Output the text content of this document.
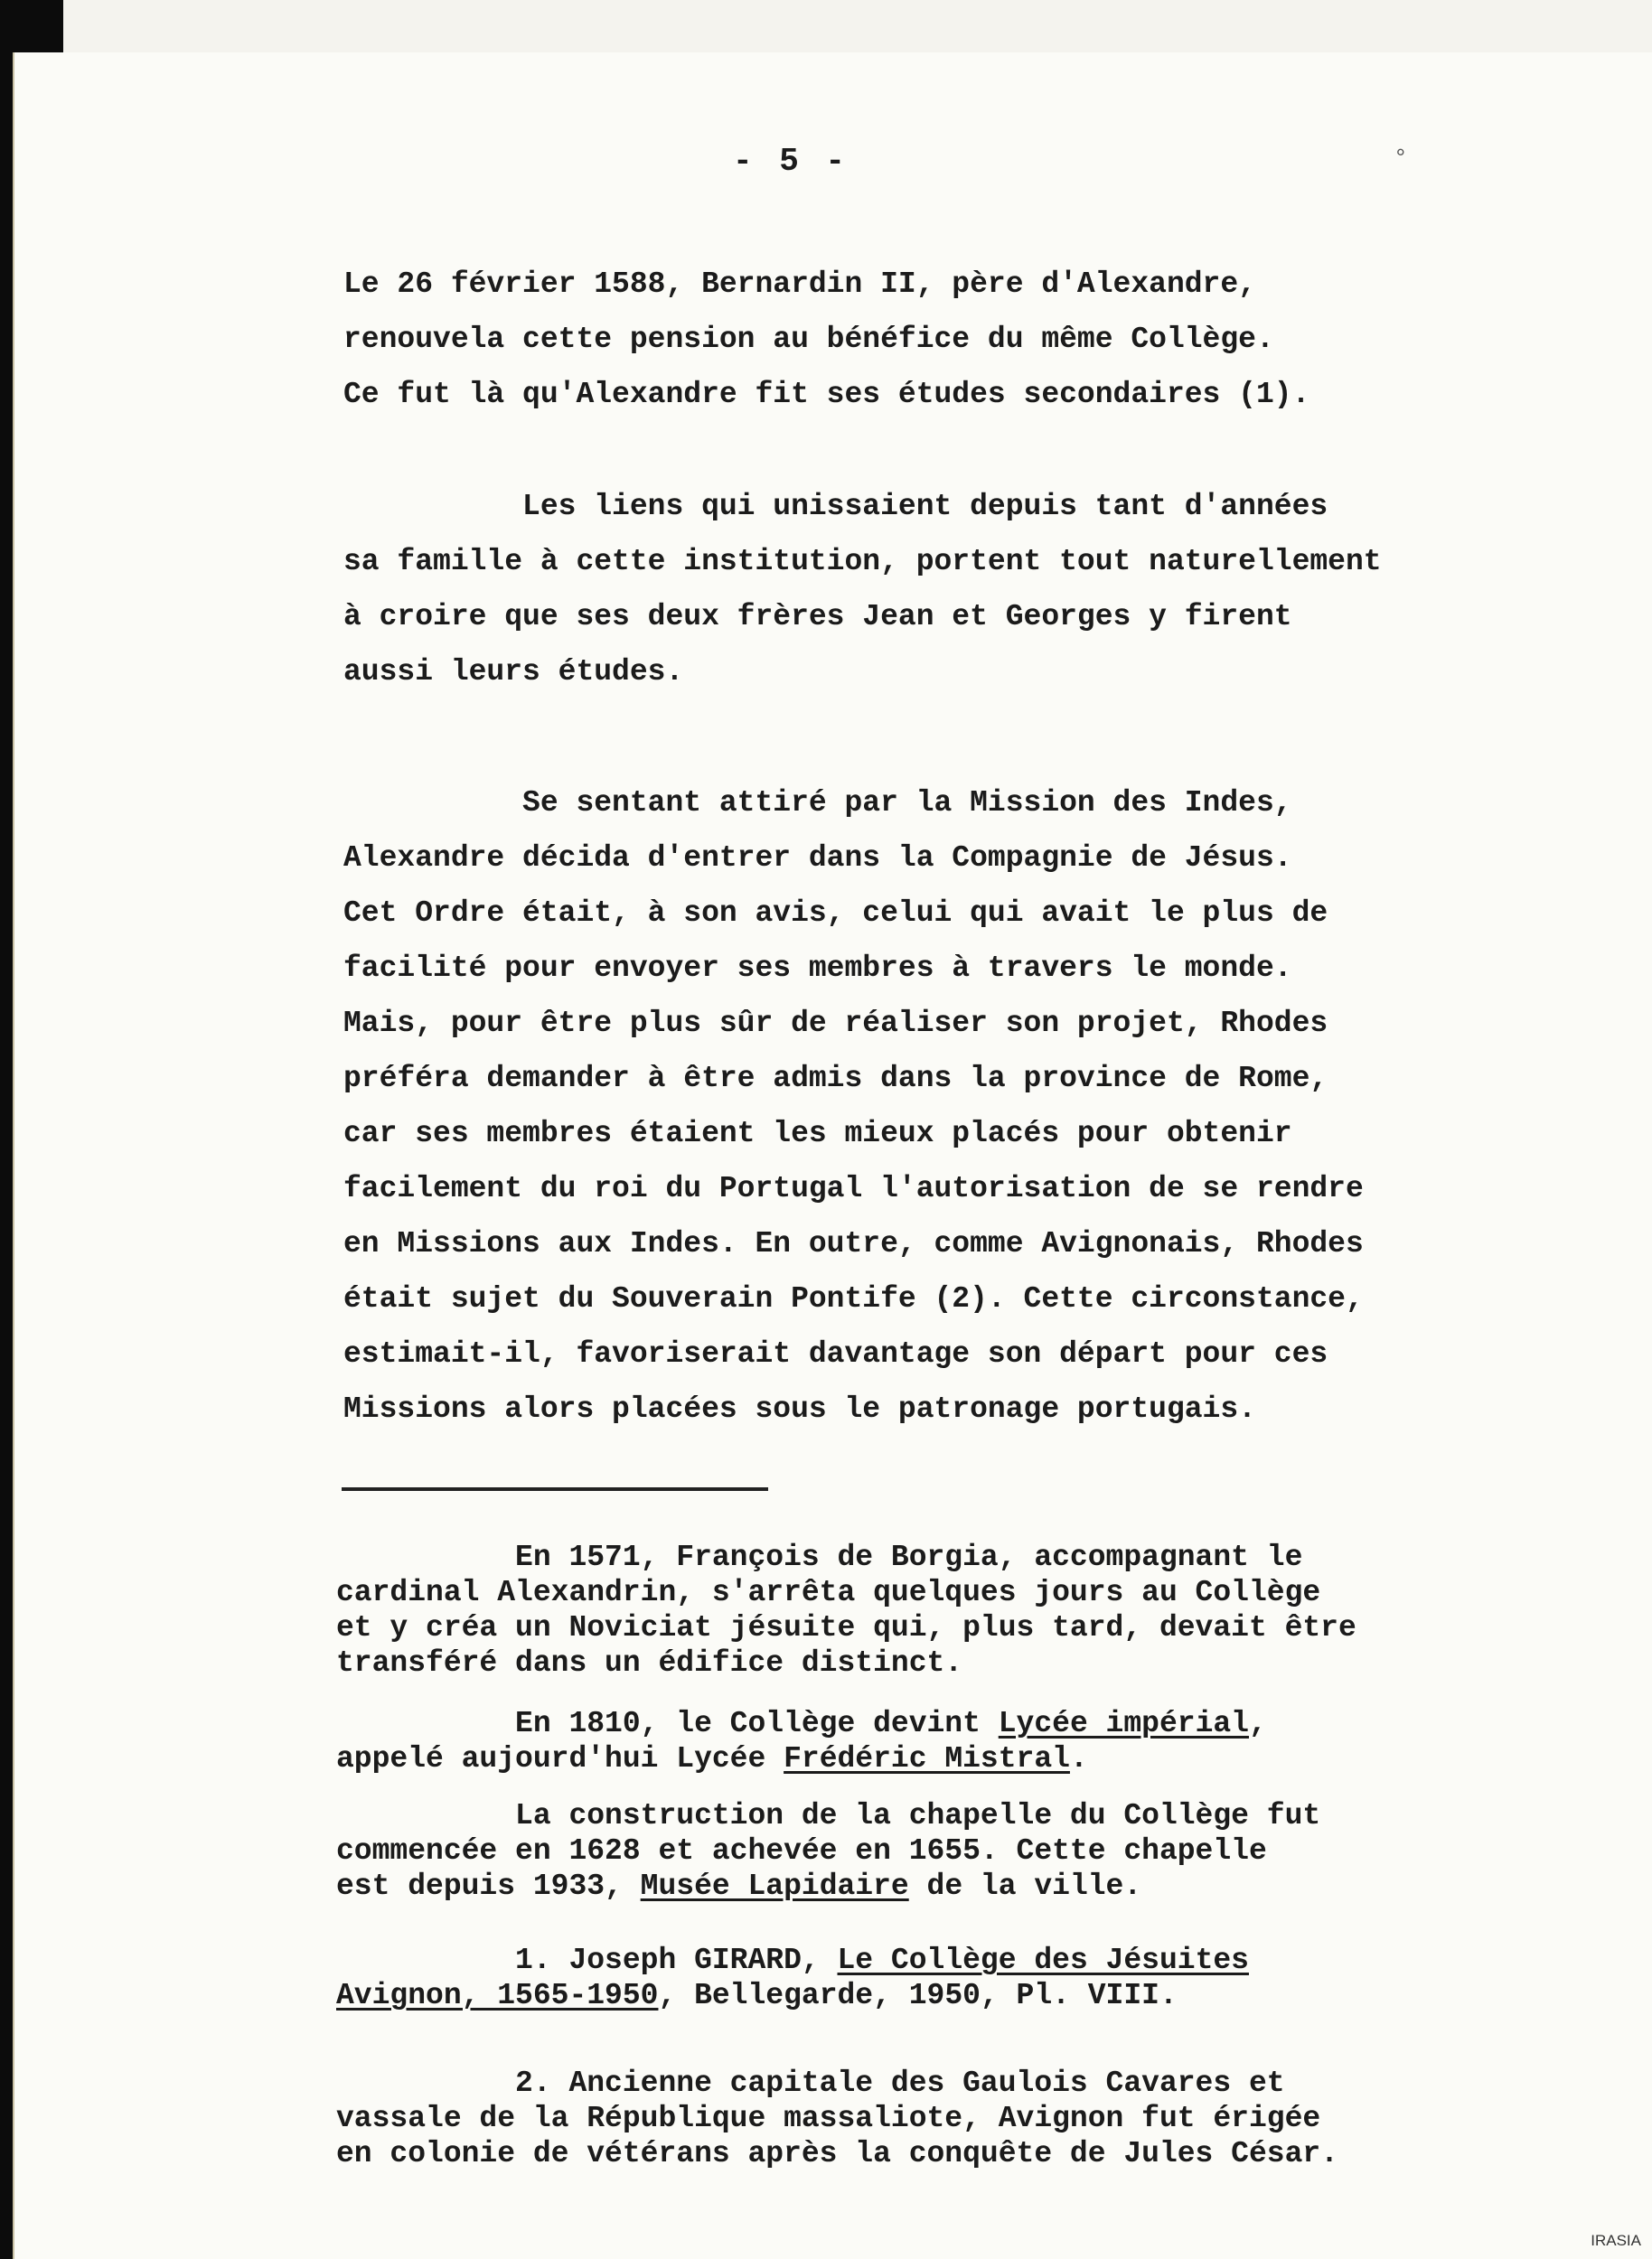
- 5 -	°
Le 26 février 1588, Bernardin II, père d'Alexandre,
renouvela cette pension au bénéfice du même Collège.
Ce fut là qu'Alexandre fit ses études secondaires (1).
Les liens qui unissaient depuis tant d'années
sa famille à cette institution, portent tout naturellement
à croire que ses deux frères Jean et Georges y firent
aussi leurs études.
Se sentant attiré par la Mission des Indes,
Alexandre décida d'entrer dans la Compagnie de Jésus.
Cet Ordre était, à son avis, celui qui avait le plus de
facilité pour envoyer ses membres à travers le monde.
Mais, pour être plus sûr de réaliser son projet, Rhodes
préféra demander à être admis dans la province de Rome,
car ses membres étaient les mieux placés pour obtenir
facilement du roi du Portugal l'autorisation de se rendre
en Missions aux Indes. En outre, comme Avignonais, Rhodes
était sujet du Souverain Pontife (2). Cette circonstance,
estimait-il, favoriserait davantage son départ pour ces
Missions alors placées sous le patronage portugais.
En 1571, François de Borgia, accompagnant le
cardinal Alexandrin, s'arrêta quelques jours au Collège
et y créa un Noviciat jésuite qui, plus tard, devait être
transféré dans un édifice distinct.
En 1810, le Collège devint Lycée impérial,
appelé aujourd'hui Lycée Frédéric Mistral.
La construction de la chapelle du Collège fut
commencée en 1628 et achevée en 1655. Cette chapelle
est depuis 1933, Musée Lapidaire de la ville.
1. Joseph GIRARD, Le Collège des Jésuites
Avignon, 1565-1950, Bellegarde, 1950, Pl. VIII.
2. Ancienne capitale des Gaulois Cavares et
vassale de la République massaliote, Avignon fut érigée
en colonie de vétérans après la conquête de Jules César.
IRASIA
